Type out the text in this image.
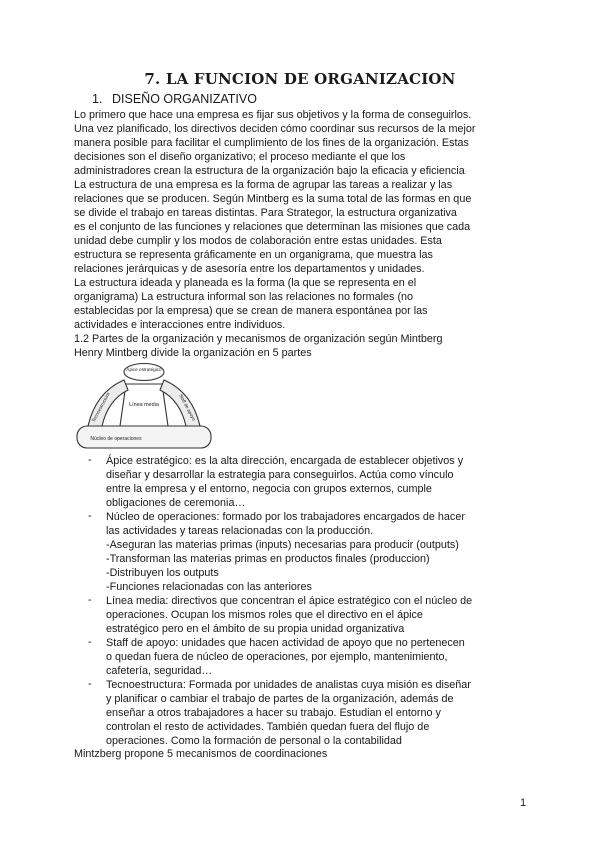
7. LA FUNCION DE ORGANIZACION
1. DISEÑO ORGANIZATIVO
Lo primero que hace una empresa es fijar sus objetivos y la forma de conseguirlos.
Una vez planificado, los directivos deciden cómo coordinar sus recursos de la mejor
manera posible para facilitar el cumplimiento de los fines de la organización. Estas
decisiones son el diseño organizativo; el proceso mediante el que los
administradores crean la estructura de la organización bajo la eficacia y eficiencia
La estructura de una empresa es la forma de agrupar las tareas a realizar y las
relaciones que se producen. Según Mintberg es la suma total de las formas en que
se divide el trabajo en tareas distintas. Para Strategor, la estructura organizativa
es el conjunto de las funciones y relaciones que determinan las misiones que cada
unidad debe cumplir y los modos de colaboración entre estas unidades. Esta
estructura se representa gráficamente en un organigrama, que muestra las
relaciones jerárquicas y de asesoría entre los departamentos y unidades.
La estructura ideada y planeada es la forma (la que se representa en el
organigrama) La estructura informal son las relaciones no formales (no
establecidas por la empresa) que se crean de manera espontánea por las
actividades e interacciones entre individuos.
1.2 Partes de la organización y mecanismos de organización según Mintberg
Henry Mintberg divide la organización en 5 partes
Ápice estratégico
Línea media
Tecnoestructura	Staff de apoyo
Núcleo de operaciones
- Ápice estratégico: es la alta dirección, encargada de establecer objetivos y
diseñar y desarrollar la estrategia para conseguirlos. Actúa como vínculo
entre la empresa y el entorno, negocia con grupos externos, cumple
obligaciones de ceremonia…
- Núcleo de operaciones: formado por los trabajadores encargados de hacer
las actividades y tareas relacionadas con la producción.
-Aseguran las materias primas (inputs) necesarias para producir (outputs)
-Transforman las materias primas en productos finales (produccion)
-Distribuyen los outputs
-Funciones relacionadas con las anteriores
- Línea media: directivos que concentran el ápice estratégico con el núcleo de
operaciones. Ocupan los mismos roles que el directivo en el ápice
estratégico pero en el ámbito de su propia unidad organizativa
- Staff de apoyo: unidades que hacen actividad de apoyo que no pertenecen
o quedan fuera de núcleo de operaciones, por ejemplo, mantenimiento,
cafetería, seguridad…
- Tecnoestructura: Formada por unidades de analistas cuya misión es diseñar
y planificar o cambiar el trabajo de partes de la organización, además de
enseñar a otros trabajadores a hacer su trabajo. Estudian el entorno y
controlan el resto de actividades. También quedan fuera del flujo de
operaciones. Como la formación de personal o la contabilidad
Mintzberg propone 5 mecanismos de coordinaciones
1
